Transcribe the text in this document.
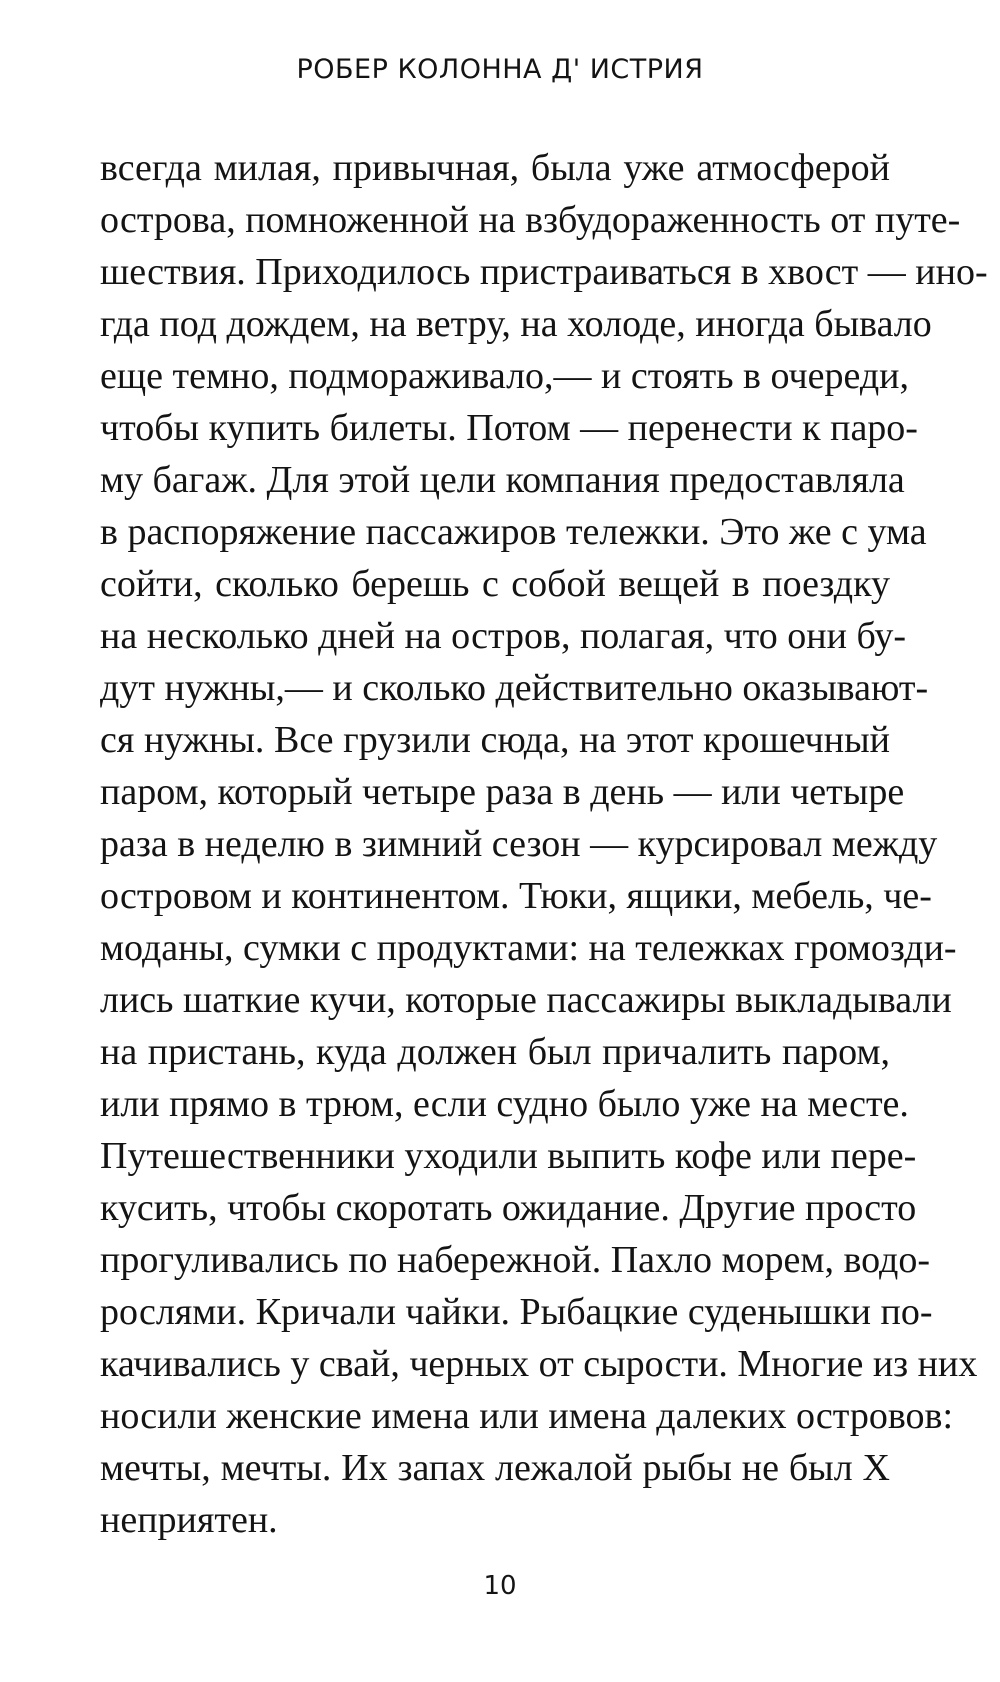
РОБЕР КОЛОННА Д' ИСТРИЯ
всегда милая, привычная, была уже атмосферой
острова, помноженной на взбудораженность от путе-
шествия. Приходилось пристраиваться в хвост — ино-
гда под дождем, на ветру, на холоде, иногда бывало
еще темно, подмораживало,— и стоять в очереди,
чтобы купить билеты. Потом — перенести к паро-
му багаж. Для этой цели компания предоставляла
в распоряжение пассажиров тележки. Это же с ума
сойти, сколько берешь с собой вещей в поездку
на несколько дней на остров, полагая, что они бу-
дут нужны,— и сколько действительно оказывают-
ся нужны. Все грузили сюда, на этот крошечный
паром, который четыре раза в день — или четыре
раза в неделю в зимний сезон — курсировал между
островом и континентом. Тюки, ящики, мебель, че-
моданы, сумки с продуктами: на тележках громозди-
лись шаткие кучи, которые пассажиры выкладывали
на пристань, куда должен был причалить паром,
или прямо в трюм, если судно было уже на месте.
Путешественники уходили выпить кофе или пере-
кусить, чтобы скоротать ожидание. Другие просто
прогуливались по набережной. Пахло морем, водо-
рослями. Кричали чайки. Рыбацкие суденышки по-
качивались у свай, черных от сырости. Многие из них
носили женские имена или имена далеких островов:
мечты, мечты. Их запах лежалой рыбы не был X
неприятен.
10
